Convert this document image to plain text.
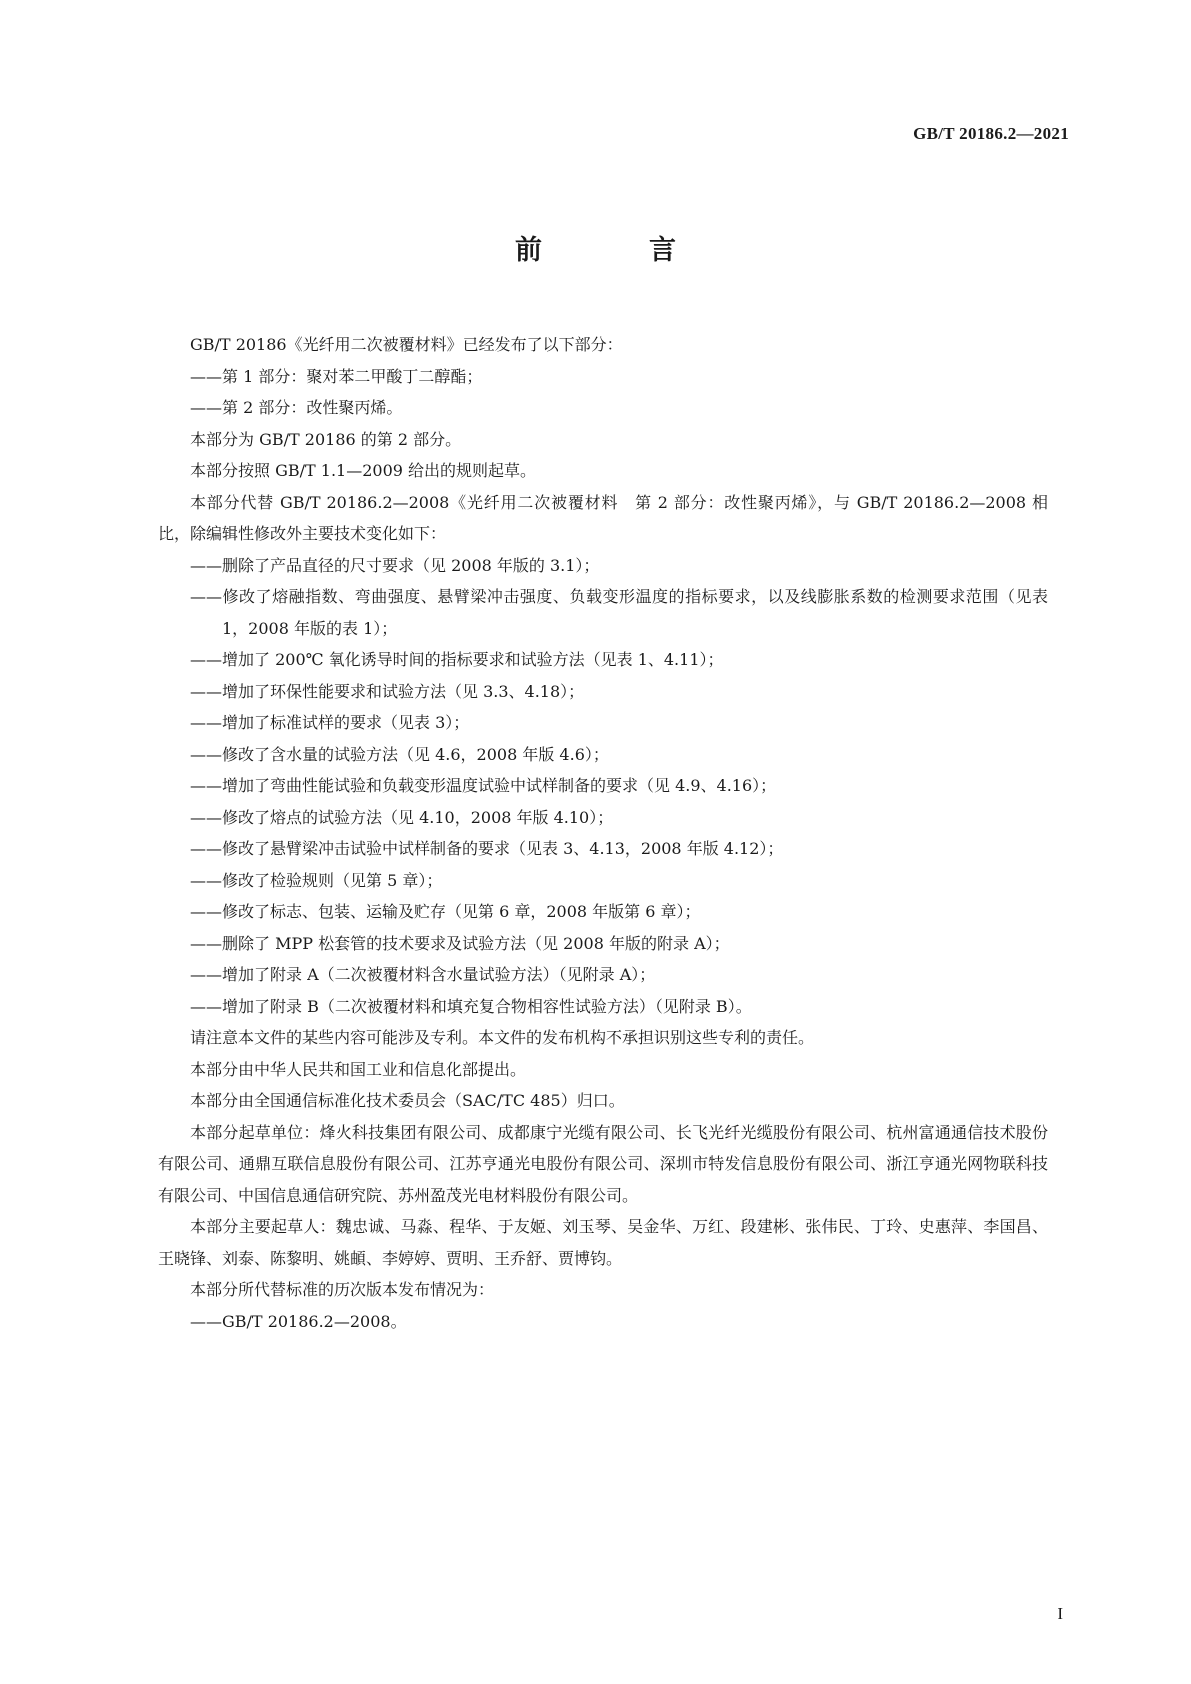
GB/T 20186.2—2021
前　言

GB/T 20186《光纤用二次被覆材料》已经发布了以下部分：

——第 1 部分：聚对苯二甲酸丁二醇酯；

——第 2 部分：改性聚丙烯。

本部分为 GB/T 20186 的第 2 部分。

本部分按照 GB/T 1.1—2009 给出的规则起草。

本部分代替 GB/T 20186.2—2008《光纤用二次被覆材料　第 2 部分：改性聚丙烯》，与 GB/T 20186.2—2008 相比，除编辑性修改外主要技术变化如下：

——删除了产品直径的尺寸要求（见 2008 年版的 3.1）；

——修改了熔融指数、弯曲强度、悬臂梁冲击强度、负载变形温度的指标要求，以及线膨胀系数的检测要求范围（见表 1，2008 年版的表 1）；

——增加了 200℃ 氧化诱导时间的指标要求和试验方法（见表 1、4.11）；

——增加了环保性能要求和试验方法（见 3.3、4.18）；

——增加了标准试样的要求（见表 3）；

——修改了含水量的试验方法（见 4.6，2008 年版 4.6）；

——增加了弯曲性能试验和负载变形温度试验中试样制备的要求（见 4.9、4.16）；

——修改了熔点的试验方法（见 4.10，2008 年版 4.10）；

——修改了悬臂梁冲击试验中试样制备的要求（见表 3、4.13，2008 年版 4.12）；

——修改了检验规则（见第 5 章）；

——修改了标志、包装、运输及贮存（见第 6 章，2008 年版第 6 章）；

——删除了 MPP 松套管的技术要求及试验方法（见 2008 年版的附录 A）；

——增加了附录 A（二次被覆材料含水量试验方法）（见附录 A）；

——增加了附录 B（二次被覆材料和填充复合物相容性试验方法）（见附录 B）。

请注意本文件的某些内容可能涉及专利。本文件的发布机构不承担识别这些专利的责任。

本部分由中华人民共和国工业和信息化部提出。

本部分由全国通信标准化技术委员会（SAC/TC 485）归口。

本部分起草单位：烽火科技集团有限公司、成都康宁光缆有限公司、长飞光纤光缆股份有限公司、杭州富通通信技术股份有限公司、通鼎互联信息股份有限公司、江苏亨通光电股份有限公司、深圳市特发信息股份有限公司、浙江亨通光网物联科技有限公司、中国信息通信研究院、苏州盈茂光电材料股份有限公司。

本部分主要起草人：魏忠诚、马淼、程华、于友姬、刘玉琴、吴金华、万红、段建彬、张伟民、丁玲、史惠萍、李国昌、王晓锋、刘泰、陈黎明、姚頔、李婷婷、贾明、王乔舒、贾博钧。

本部分所代替标准的历次版本发布情况为：

——GB/T 20186.2—2008。

I
